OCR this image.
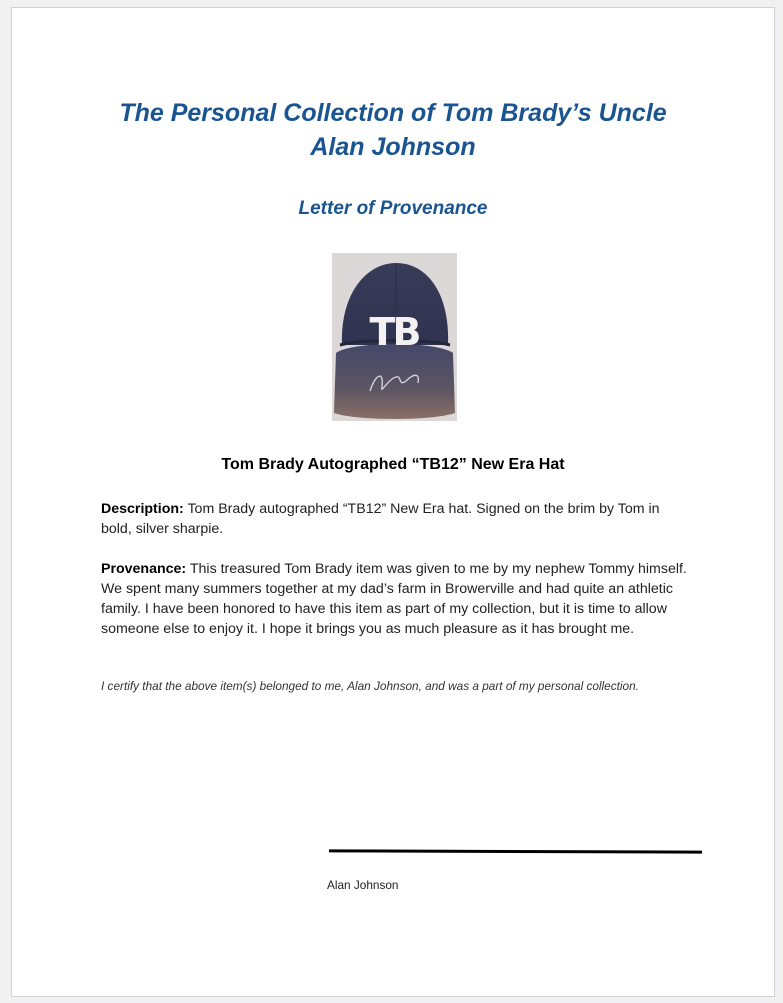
The Personal Collection of Tom Brady’s Uncle
Alan Johnson
Letter of Provenance
TB
Tom Brady Autographed “TB12” New Era Hat

Description: Tom Brady autographed “TB12” New Era hat. Signed on the brim by Tom in bold, silver sharpie.

Provenance: This treasured Tom Brady item was given to me by my nephew Tommy himself. We spent many summers together at my dad’s farm in Browerville and had quite an athletic family. I have been honored to have this item as part of my collection, but it is time to allow someone else to enjoy it. I hope it brings you as much pleasure as it has brought me.

I certify that the above item(s) belonged to me, Alan Johnson, and was a part of my personal collection.

Alan Johnson
